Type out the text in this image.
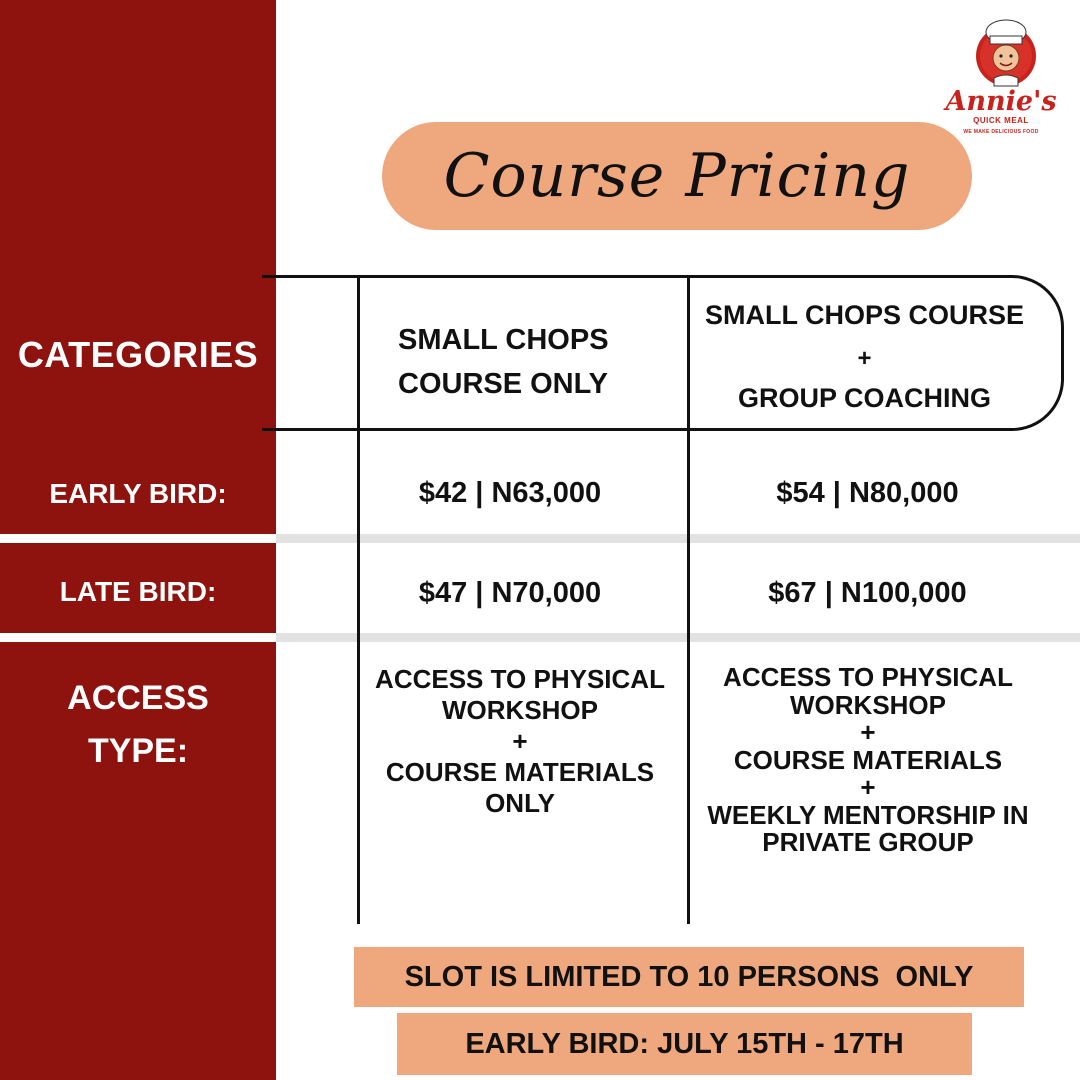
CATEGORIES
EARLY BIRD:
LATE BIRD:
ACCESS
TYPE:
Annie's
QUICK MEAL
WE MAKE DELICIOUS FOOD
Course Pricing
SMALL CHOPS
COURSE ONLY
SMALL CHOPS COURSE
+
GROUP COACHING
$42 | N63,000	$54 | N80,000
$47 | N70,000	$67 | N100,000
ACCESS TO PHYSICAL
WORKSHOP
+
COURSE MATERIALS
ONLY
ACCESS TO PHYSICAL
WORKSHOP
+
COURSE MATERIALS
+
WEEKLY MENTORSHIP IN
PRIVATE GROUP
SLOT IS LIMITED TO 10 PERSONS  ONLY
EARLY BIRD: JULY 15TH - 17TH
